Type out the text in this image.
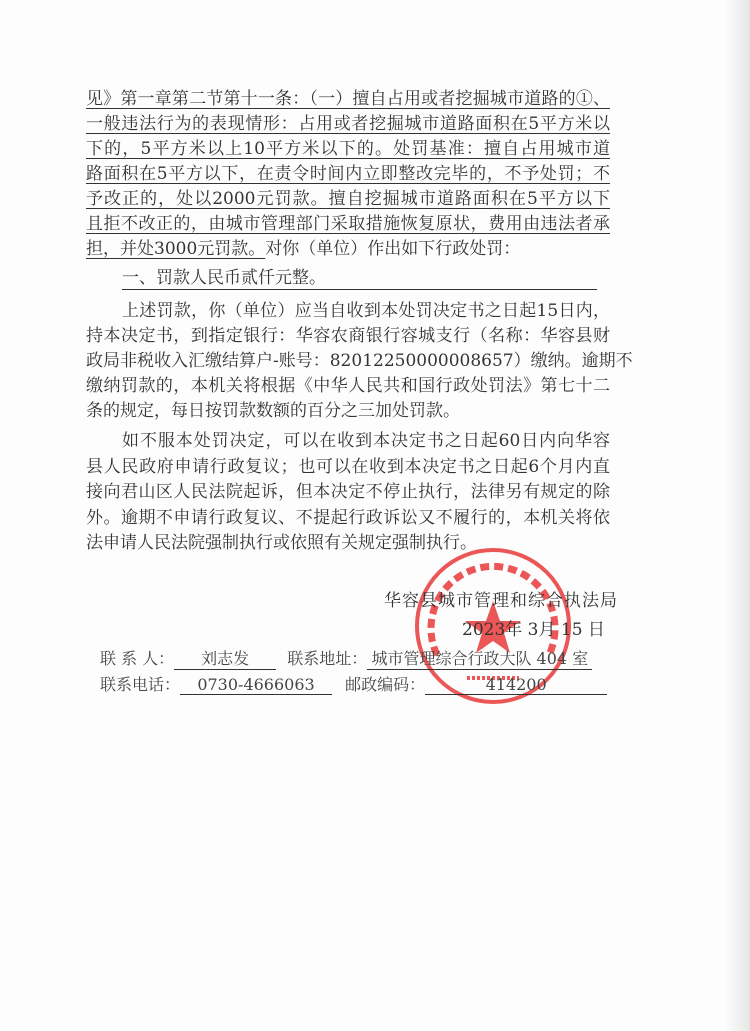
见》第一章第二节第十一条：（一）擅自占用或者挖掘城市道路的①、
一般违法行为的表现情形：占用或者挖掘城市道路面积在5平方米以
下的，5平方米以上10平方米以下的。处罚基准：擅自占用城市道
路面积在5平方以下，在责令时间内立即整改完毕的，不予处罚；不
予改正的，处以2000元罚款。擅自挖掘城市道路面积在5平方以下
且拒不改正的，由城市管理部门采取措施恢复原状，费用由违法者承
担，并处3000元罚款。对你（单位）作出如下行政处罚：
一、罚款人民币贰仟元整。
上述罚款，你（单位）应当自收到本处罚决定书之日起15日内，
持本决定书，到指定银行：华容农商银行容城支行（名称：华容县财
政局非税收入汇缴结算户-账号：82012250000008657）缴纳。逾期不
缴纳罚款的，本机关将根据《中华人民共和国行政处罚法》第七十二
条的规定，每日按罚款数额的百分之三加处罚款。
如不服本处罚决定，可以在收到本决定书之日起60日内向华容
县人民政府申请行政复议；也可以在收到本决定书之日起6个月内直
接向君山区人民法院起诉，但本决定不停止执行，法律另有规定的除
外。逾期不申请行政复议、不提起行政诉讼又不履行的，本机关将依
法申请人民法院强制执行或依照有关规定强制执行。
华容县城市管理和综合执法局
2023年 3月 15 日
联 系 人： 刘志发 联系地址： 城市管理综合行政大队 404 室
联系电话： 0730-4666063 邮政编码：	414200
